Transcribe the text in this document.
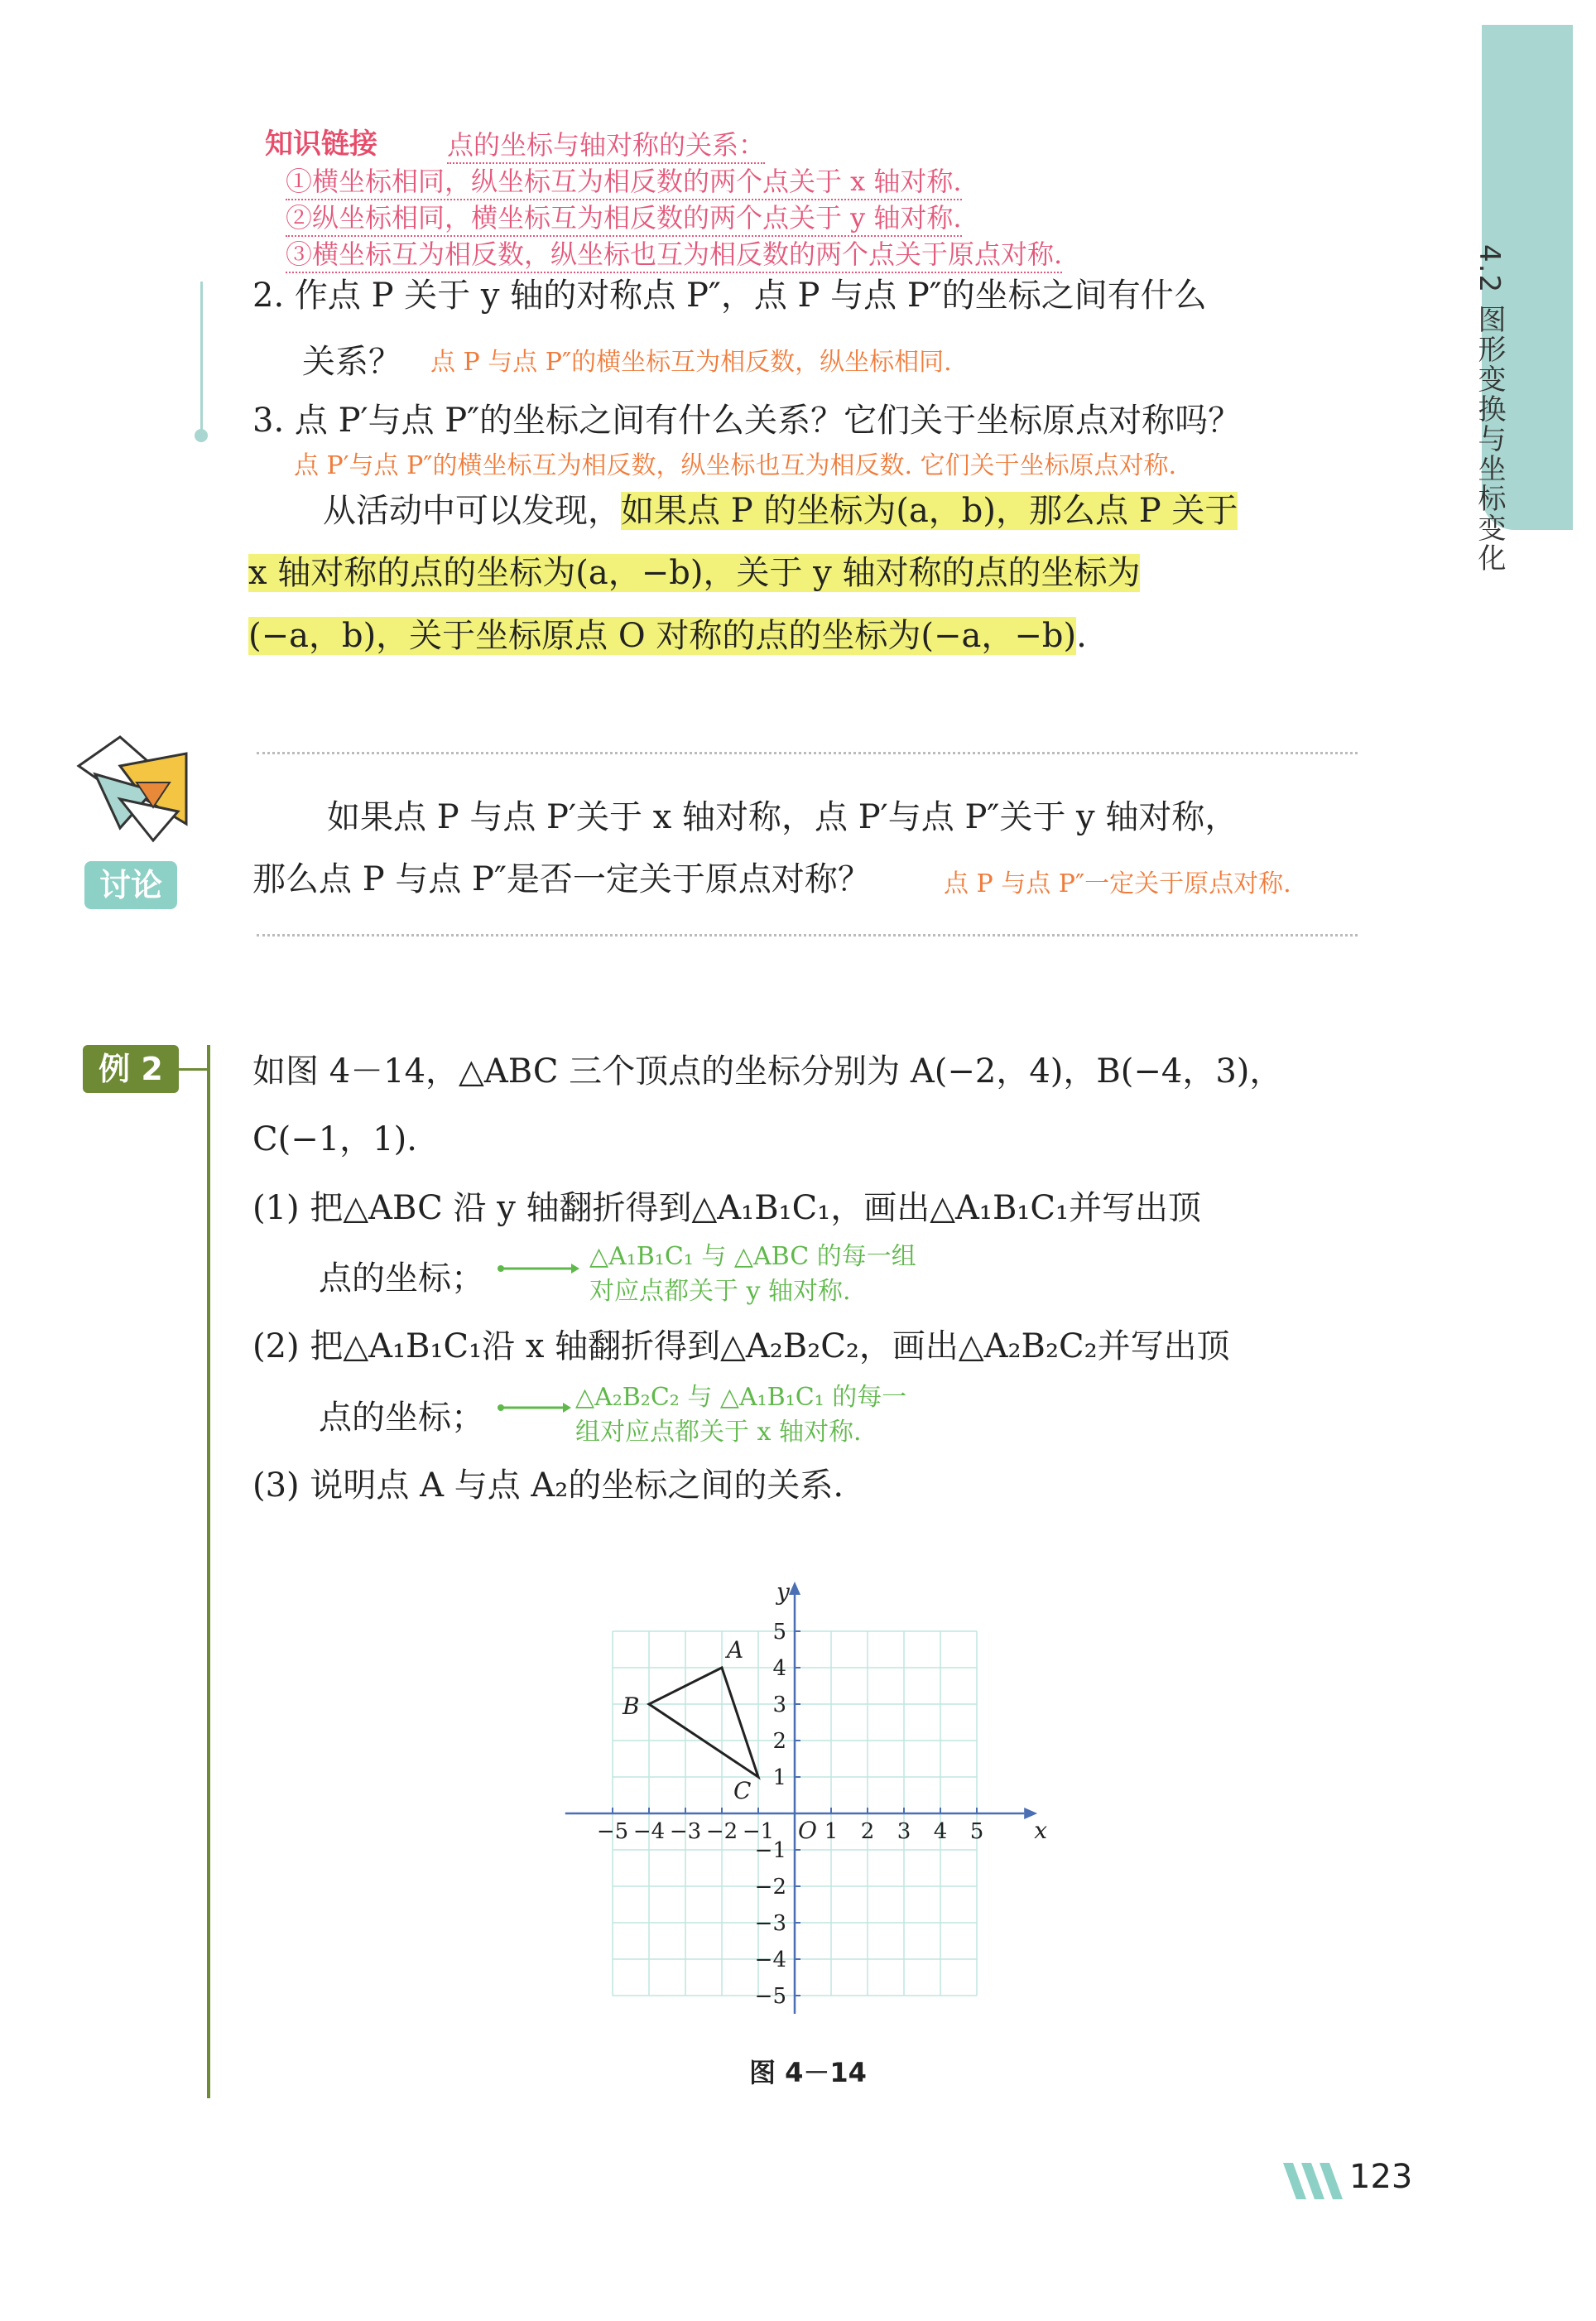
4.2 图形变换与坐标变化
知识链接	点的坐标与轴对称的关系：
①横坐标相同，纵坐标互为相反数的两个点关于 x 轴对称.
②纵坐标相同，横坐标互为相反数的两个点关于 y 轴对称.
③横坐标互为相反数，纵坐标也互为相反数的两个点关于原点对称.
2. 作点 P 关于 y 轴的对称点 P″，点 P 与点 P″的坐标之间有什么
关系？ 点 P 与点 P″的横坐标互为相反数，纵坐标相同.
3. 点 P′与点 P″的坐标之间有什么关系？它们关于坐标原点对称吗？
点 P′与点 P″的横坐标互为相反数，纵坐标也互为相反数. 它们关于坐标原点对称.
从活动中可以发现，如果点 P 的坐标为(a，b)，那么点 P 关于
x 轴对称的点的坐标为(a，−b)，关于 y 轴对称的点的坐标为
(−a，b)，关于坐标原点 O 对称的点的坐标为(−a，−b).
讨论
如果点 P 与点 P′关于 x 轴对称，点 P′与点 P″关于 y 轴对称，
那么点 P 与点 P″是否一定关于原点对称？	点 P 与点 P″一定关于原点对称.
例 2	如图 4－14，△ABC 三个顶点的坐标分别为 A(−2，4)，B(−4，3)，
C(−1，1).
(1) 把△ABC 沿 y 轴翻折得到△A₁B₁C₁，画出△A₁B₁C₁并写出顶
点的坐标；
△A₁B₁C₁ 与 △ABC 的每一组
对应点都关于 y 轴对称.
(2) 把△A₁B₁C₁沿 x 轴翻折得到△A₂B₂C₂，画出△A₂B₂C₂并写出顶
点的坐标；
△A₂B₂C₂ 与 △A₁B₁C₁ 的每一
组对应点都关于 x 轴对称.
(3) 说明点 A 与点 A₂的坐标之间的关系.
−5 −4 −3 −2 −1 1 2 3 4 5
5
4
3
2
1
−1
−2
−3
−4
−5
x
y
O
A
B
C
图 4－14
123
